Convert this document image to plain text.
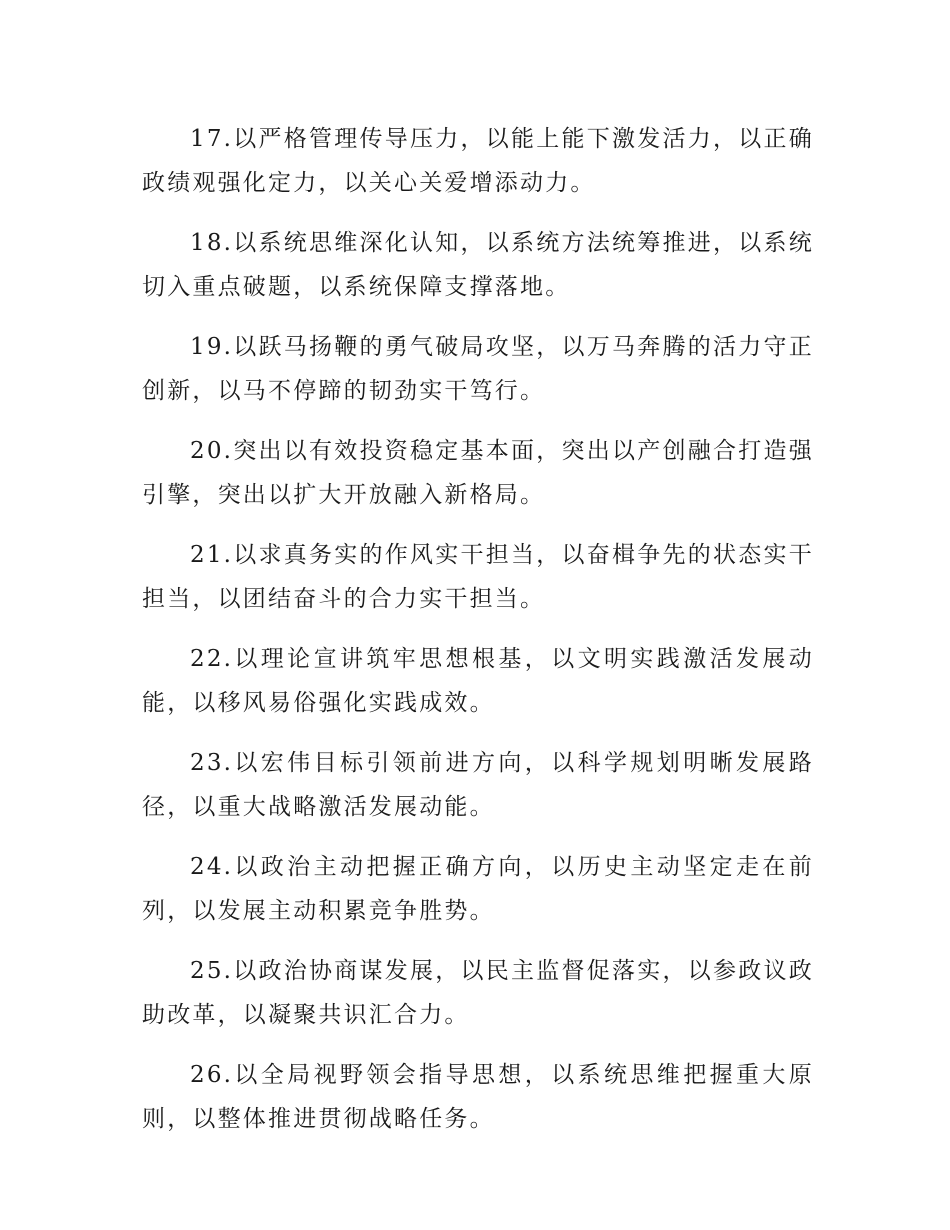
17.以严格管理传导压力，以能上能下激发活力，以正确政绩观强化定力，以关心关爱增添动力。

18.以系统思维深化认知，以系统方法统筹推进，以系统切入重点破题，以系统保障支撑落地。

19.以跃马扬鞭的勇气破局攻坚，以万马奔腾的活力守正创新，以马不停蹄的韧劲实干笃行。

20.突出以有效投资稳定基本面，突出以产创融合打造强引擎，突出以扩大开放融入新格局。

21.以求真务实的作风实干担当，以奋楫争先的状态实干担当，以团结奋斗的合力实干担当。

22.以理论宣讲筑牢思想根基，以文明实践激活发展动能，以移风易俗强化实践成效。

23.以宏伟目标引领前进方向，以科学规划明晰发展路径，以重大战略激活发展动能。

24.以政治主动把握正确方向，以历史主动坚定走在前列，以发展主动积累竞争胜势。

25.以政治协商谋发展，以民主监督促落实，以参政议政助改革，以凝聚共识汇合力。

26.以全局视野领会指导思想，以系统思维把握重大原则，以整体推进贯彻战略任务。
